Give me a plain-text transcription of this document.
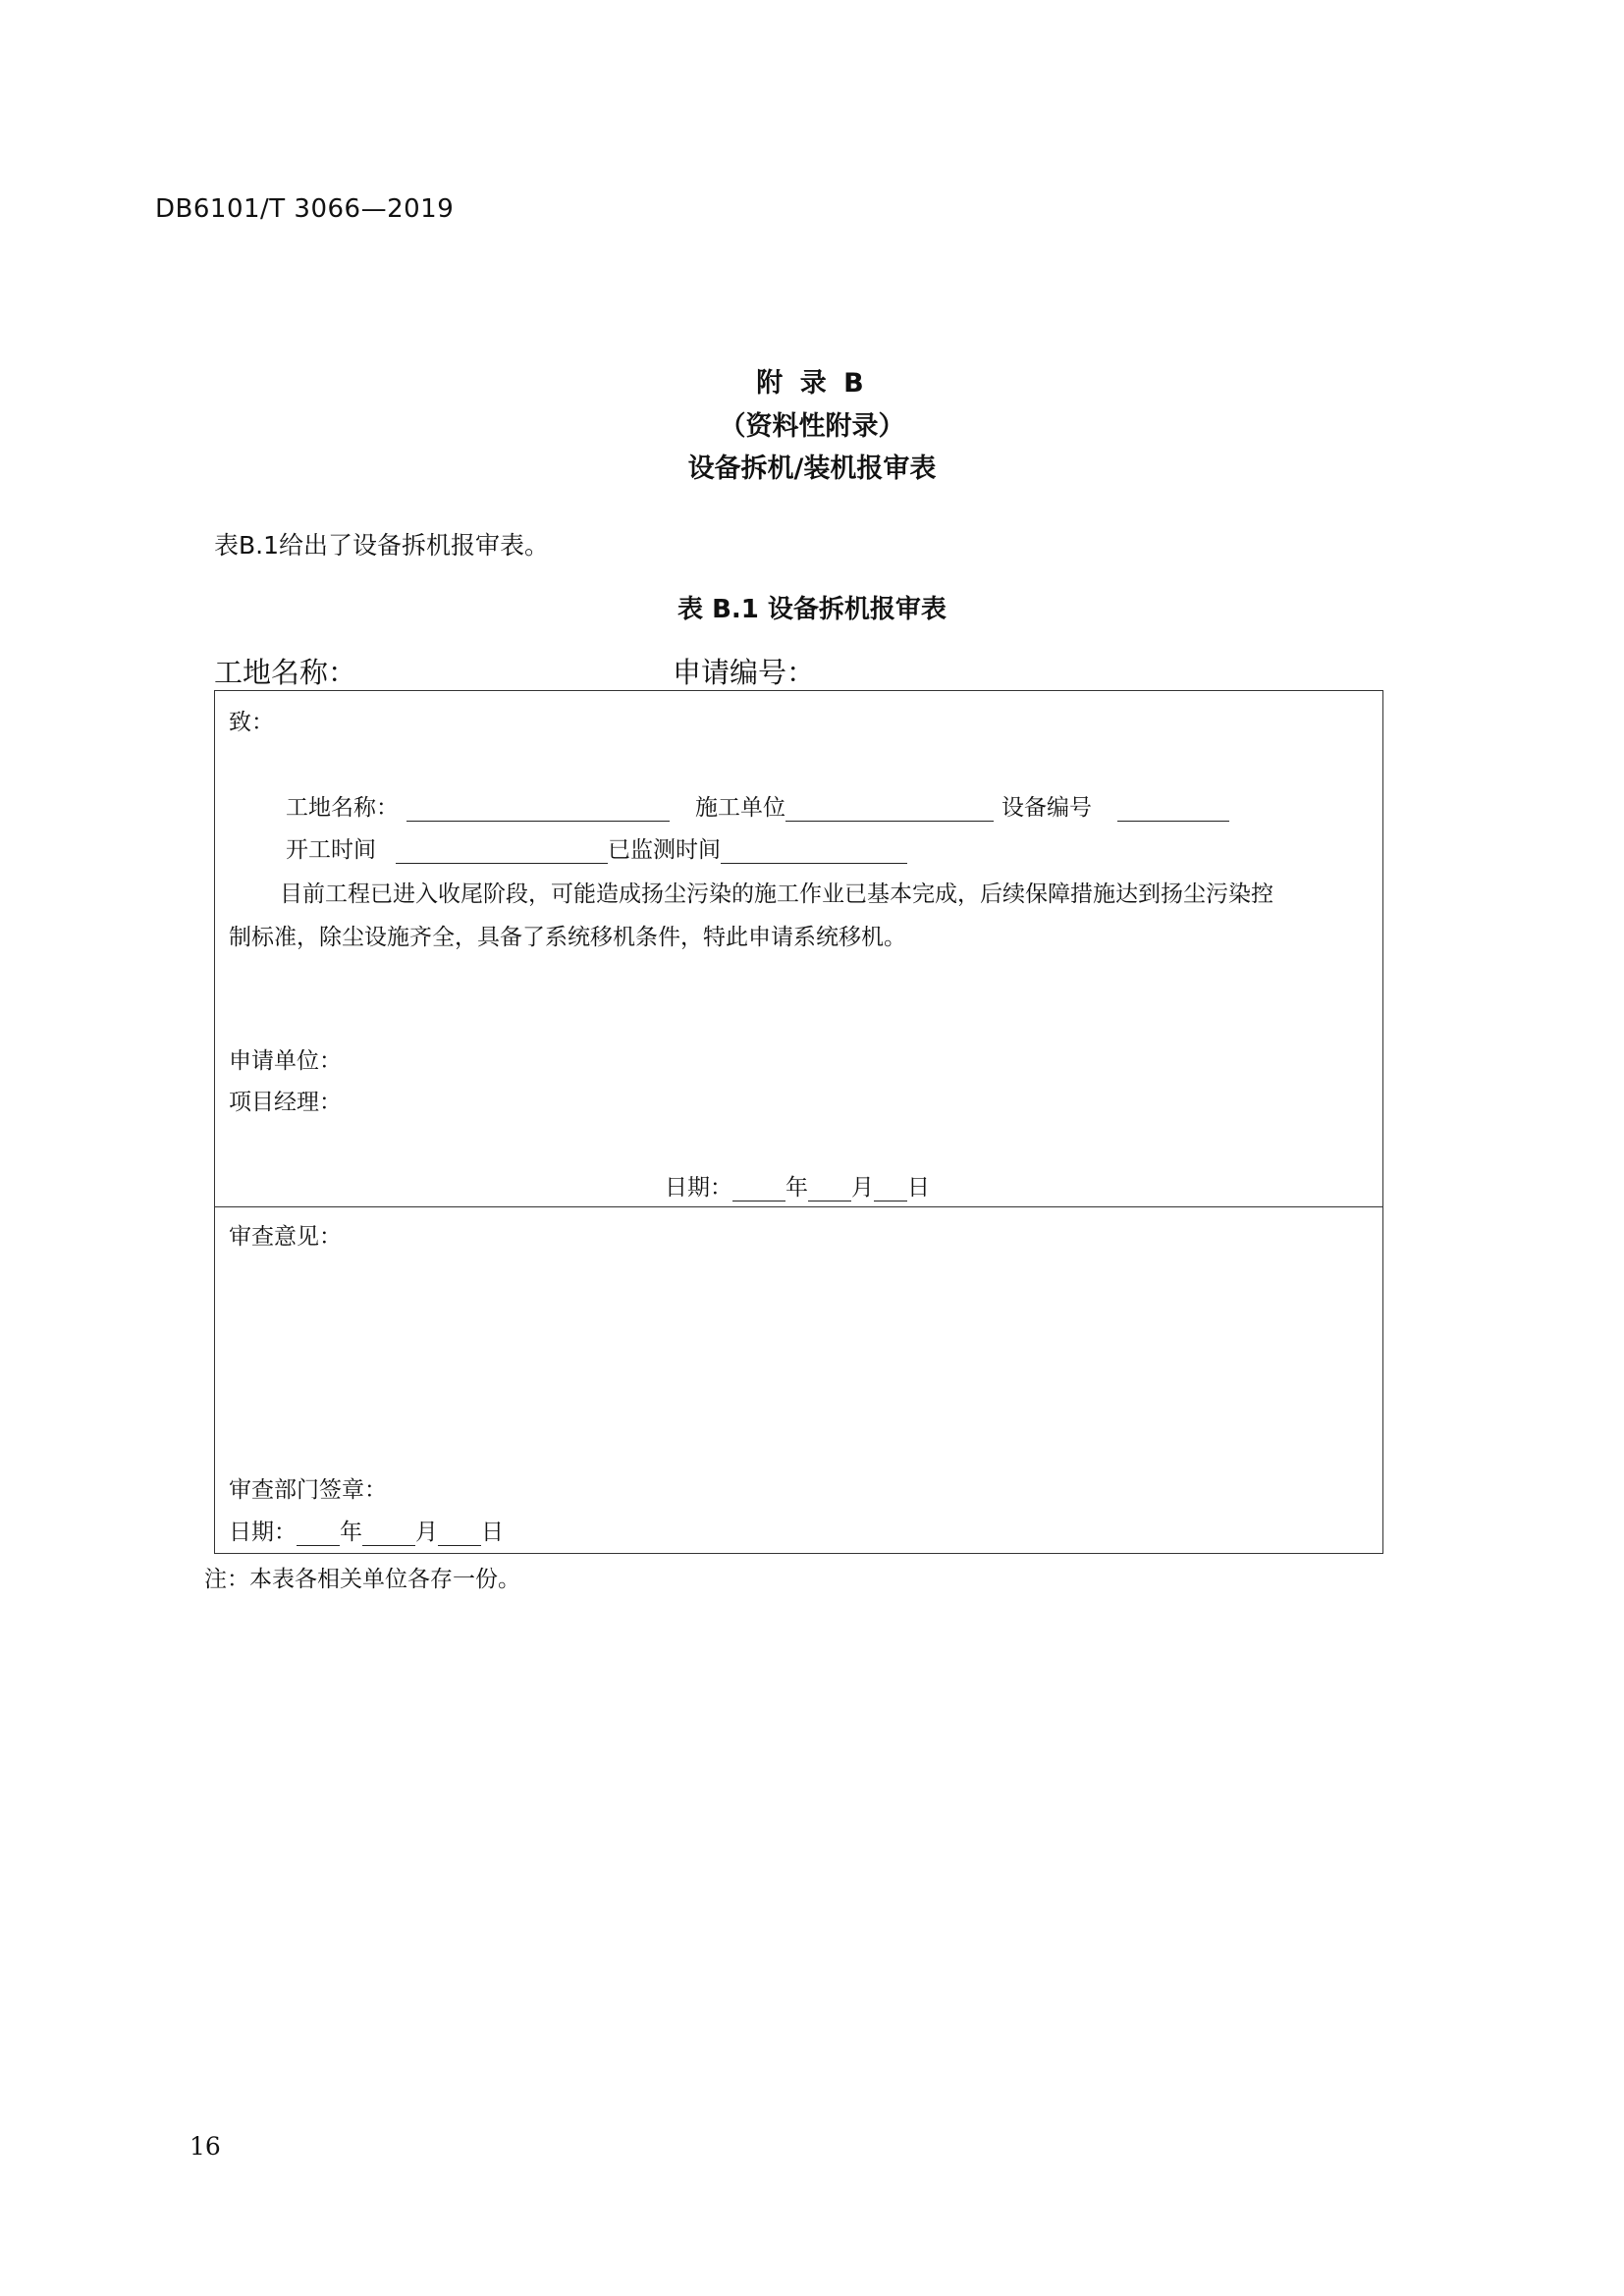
DB6101/T 3066—2019
附 录 B
（资料性附录）
设备拆机/装机报审表
表B.1给出了设备拆机报审表。
表 B.1 设备拆机报审表
工地名称：	申请编号：
致：
工地名称：	施工单位	设备编号
开工时间	已监测时间
目前工程已进入收尾阶段，可能造成扬尘污染的施工作业已基本完成，后续保障措施达到扬尘污染控
制标准，除尘设施齐全，具备了系统移机条件，特此申请系统移机。
申请单位：
项目经理：
日期： 年 月 日
审查意见：
审查部门签章：
日期： 年 月 日
注：本表各相关单位各存一份。
16
